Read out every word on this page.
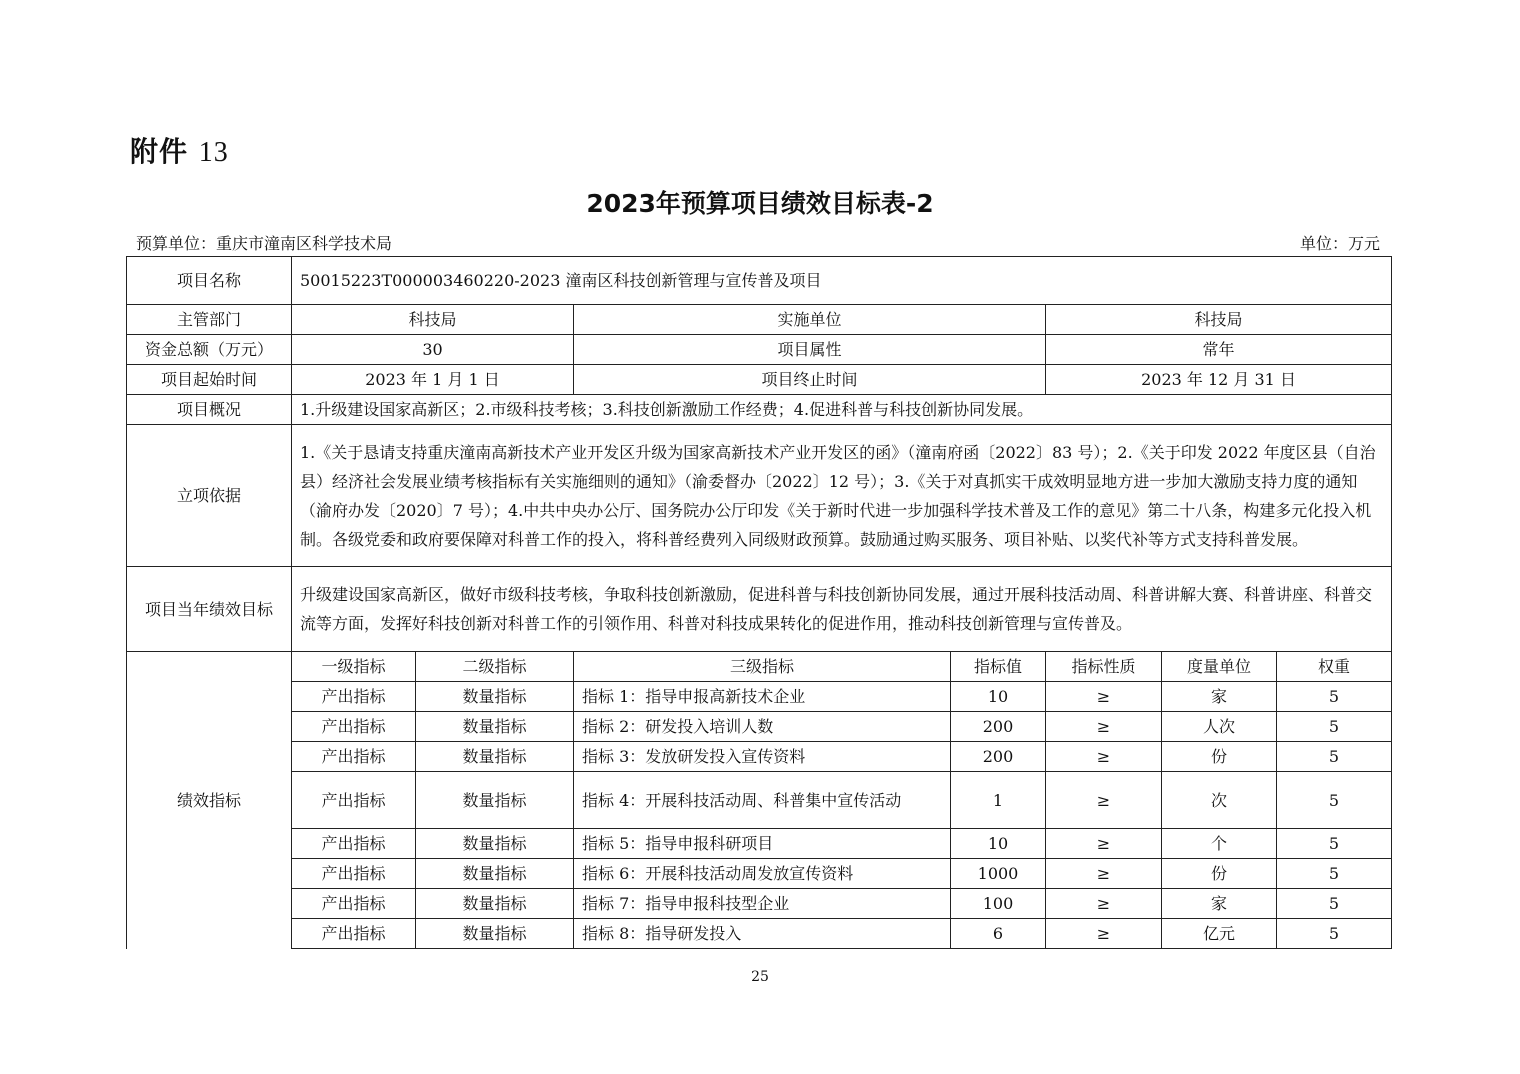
附件 13
2023年预算项目绩效目标表-2
预算单位：重庆市潼南区科学技术局	单位：万元
项目名称	50015223T000003460220-2023 潼南区科技创新管理与宣传普及项目						
主管部门	科技局		实施单位		科技局		
资金总额（万元）	30		项目属性		常年		
项目起始时间	2023 年 1 月 1 日		项目终止时间		2023 年 12 月 31 日		
项目概况	1.升级建设国家高新区；2.市级科技考核；3.科技创新激励工作经费；4.促进科普与科技创新协同发展。						
立项依据	1.《关于恳请支持重庆潼南高新技术产业开发区升级为国家高新技术产业开发区的函》（潼南府函〔2022〕83 号）；2.《关于印发 2022 年度区县（自治县）经济社会发展业绩考核指标有关实施细则的通知》（渝委督办〔2022〕12 号）；3.《关于对真抓实干成效明显地方进一步加大激励支持力度的通知（渝府办发〔2020〕7 号）；4.中共中央办公厅、国务院办公厅印发《关于新时代进一步加强科学技术普及工作的意见》第二十八条，构建多元化投入机制。各级党委和政府要保障对科普工作的投入，将科普经费列入同级财政预算。鼓励通过购买服务、项目补贴、以奖代补等方式支持科普发展。						
项目当年绩效目标	升级建设国家高新区，做好市级科技考核，争取科技创新激励，促进科普与科技创新协同发展，通过开展科技活动周、科普讲解大赛、科普讲座、科普交流等方面，发挥好科技创新对科普工作的引领作用、科普对科技成果转化的促进作用，推动科技创新管理与宣传普及。						
绩效指标	一级指标	二级指标	三级指标	指标值	指标性质	度量单位	权重
	产出指标	数量指标	指标 1：指导申报高新技术企业	10	≥	家	5
	产出指标	数量指标	指标 2：研发投入培训人数	200	≥	人次	5
	产出指标	数量指标	指标 3：发放研发投入宣传资料	200	≥	份	5
	产出指标	数量指标	指标 4：开展科技活动周、科普集中宣传活动	1	≥	次	5
	产出指标	数量指标	指标 5：指导申报科研项目	10	≥	个	5
	产出指标	数量指标	指标 6：开展科技活动周发放宣传资料	1000	≥	份	5
	产出指标	数量指标	指标 7：指导申报科技型企业	100	≥	家	5
	产出指标	数量指标	指标 8：指导研发投入	6	≥	亿元	5
25
